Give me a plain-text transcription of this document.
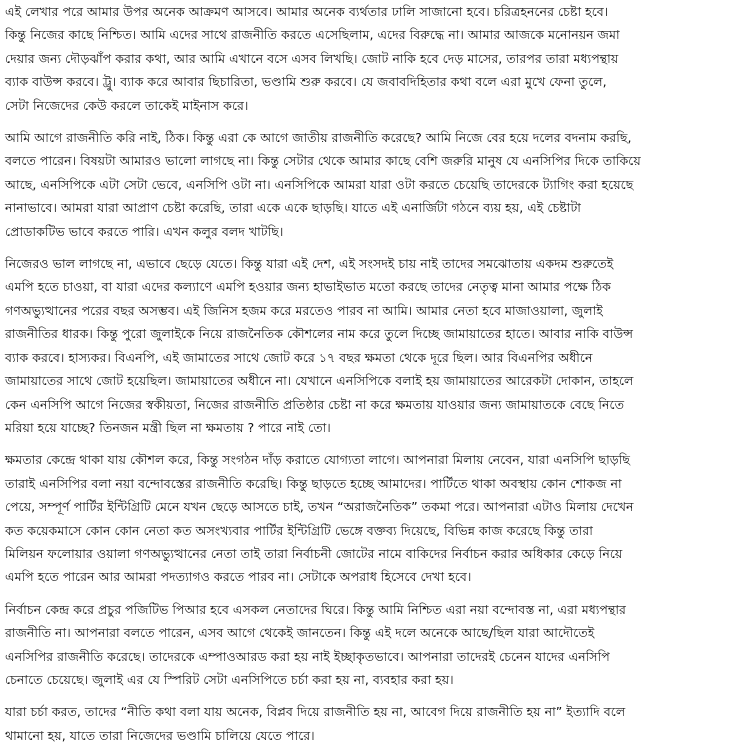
এই লেখার পরে আমার উপর অনেক আক্রমণ আসবে। আমার অনেক ব্যর্থতার ঢালি সাজানো হবে। চরিত্রহননের চেষ্টা হবে।
কিন্তু নিজের কাছে নিশ্চিত। আমি এদের সাথে রাজনীতি করতে এসেছিলাম, এদের বিরুদ্ধে না। আমার আজকে মনোনয়ন জমা
দেয়ার জন্য দৌড়ঝাঁপ করার কথা, আর আমি এখানে বসে এসব লিখছি। জোট নাকি হবে দেড় মাসের, তারপর তারা মধ্যপন্থায়
ব্যাক বাউন্স করবে। ট্রু। ব্যাক করে আবার ছিচারিতা, ভণ্ডামি শুরু করবে। যে জবাবদিহিতার কথা বলে এরা মুখে ফেনা তুলে,
সেটা নিজেদের কেউ করলে তাকেই মাইনাস করে।

আমি আগে রাজনীতি করি নাই, ঠিক। কিন্তু এরা কে আগে জাতীয় রাজনীতি করেছে? আমি নিজে বের হয়ে দলের বদনাম করছি,
বলতে পারেন। বিষয়টা আমারও ভালো লাগছে না। কিন্তু সেটার থেকে আমার কাছে বেশি জরুরি মানুষ যে এনসিপির দিকে তাকিয়ে
আছে, এনসিপিকে এটা সেটা ভেবে, এনসিপি ওটা না। এনসিপিকে আমরা যারা ওটা করতে চেয়েছি তাদেরকে ট্যাগিং করা হয়েছে
নানাভাবে। আমরা যারা আপ্রাণ চেষ্টা করেছি, তারা একে একে ছাড়ছি। যাতে এই এনার্জিটা গঠনে ব্যয় হয়, এই চেষ্টাটা
প্রোডাকটিভ ভাবে করতে পারি। এখন কলুর বলদ খাটছি।

নিজেরও ভাল লাগছে না, এভাবে ছেড়ে যেতে। কিন্তু যারা এই দেশ, এই সংসদই চায় নাই তাদের সমঝোতায় একদম শুরুতেই
এমপি হতে চাওয়া, বা যারা এদের কল্যাণে এমপি হওয়ার জন্য হাভাইভাত মতো করছে তাদের নেতৃত্ব মানা আমার পক্ষে ঠিক
গণঅভ্যুত্থানের পরের বছর অসম্ভব। এই জিনিস হজম করে মরতেও পারব না আমি। আমার নেতা হবে মাজাওয়ালা, জুলাই
রাজনীতির ধারক। কিন্তু পুরো জুলাইকে নিয়ে রাজনৈতিক কৌশলের নাম করে তুলে দিচ্ছে জামায়াতের হাতে। আবার নাকি বাউন্স
ব্যাক করবে। হাস্যকর। বিএনপি, এই জামাতের সাথে জোট করে ১৭ বছর ক্ষমতা থেকে দূরে ছিল। আর বিএনপির অধীনে
জামায়াতের সাথে জোট হয়েছিল। জামায়াতের অধীনে না। যেখানে এনসিপিকে বলাই হয় জামায়াতের আরেকটা দোকান, তাহলে
কেন এনসিপি আগে নিজের স্বকীয়তা, নিজের রাজনীতি প্রতিষ্ঠার চেষ্টা না করে ক্ষমতায় যাওয়ার জন্য জামায়াতকে বেছে নিতে
মরিয়া হয়ে যাচ্ছে? তিনজন মন্ত্রী ছিল না ক্ষমতায় ? পারে নাই তো।

ক্ষমতার কেন্দ্রে থাকা যায় কৌশল করে, কিন্তু সংগঠন দাঁড় করাতে যোগ্যতা লাগে। আপনারা মিলায় নেবেন, যারা এনসিপি ছাড়ছি
তারাই এনসিপির বলা নয়া বন্দোবস্তের রাজনীতি করেছি। কিন্তু ছাড়তে হচ্ছে আমাদের। পার্টিতে থাকা অবস্থায় কোন শোকজ না
পেয়ে, সম্পূর্ণ পার্টির ইন্টিগ্রিটি মেনে যখন ছেড়ে আসতে চাই, তখন “অরাজনৈতিক” তকমা পরে। আপনারা এটাও মিলায় দেখেন
কত কয়েকমাসে কোন কোন নেতা কত অসংখ্যবার পার্টির ইন্টিগ্রিটি ভেঙ্গে বক্তব্য দিয়েছে, বিভিন্ন কাজ করেছে কিন্তু তারা
মিলিয়ন ফলোয়ার ওয়ালা গণঅভ্যুত্থানের নেতা তাই তারা নির্বাচনী জোটের নামে বাকিদের নির্বাচন করার অধিকার কেড়ে নিয়ে
এমপি হতে পারেন আর আমরা পদত্যাগও করতে পারব না। সেটাকে অপরাধ হিসেবে দেখা হবে।

নির্বাচন কেন্দ্র করে প্রচুর পজিটিভ পিআর হবে এসকল নেতাদের ঘিরে। কিন্তু আমি নিশ্চিত এরা নয়া বন্দোবস্ত না, এরা মধ্যপন্থার
রাজনীতি না। আপনারা বলতে পারেন, এসব আগে থেকেই জানতেন। কিন্তু এই দলে অনেকে আছে/ছিল যারা আদৌতেই
এনসিপির রাজনীতি করেছে। তাদেরকে এম্পাওআরড করা হয় নাই ইচ্ছাকৃতভাবে। আপনারা তাদেরই চেনেন যাদের এনসিপি
চেনাতে চেয়েছে। জুলাই এর যে স্পিরিট সেটা এনসিপিতে চর্চা করা হয় না, ব্যবহার করা হয়।

যারা চর্চা করত, তাদের “নীতি কথা বলা যায় অনেক, বিপ্লব দিয়ে রাজনীতি হয় না, আবেগ দিয়ে রাজনীতি হয় না” ইত্যাদি বলে
থামানো হয়, যাতে তারা নিজেদের ভণ্ডামি চালিয়ে যেতে পারে।
